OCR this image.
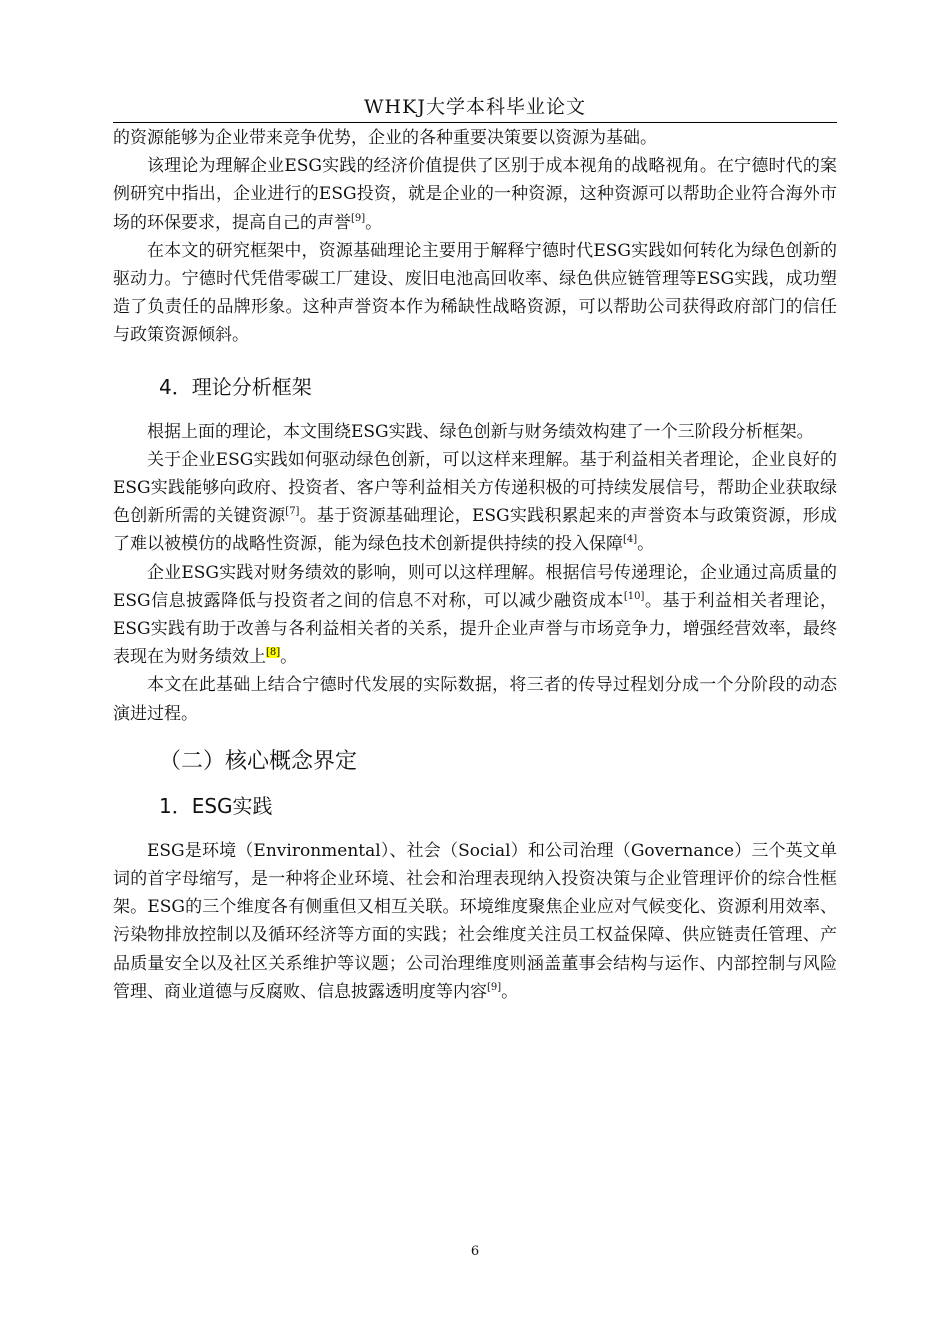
WHKJ大学本科毕业论文

的资源能够为企业带来竞争优势，企业的各种重要决策要以资源为基础。

该理论为理解企业ESG实践的经济价值提供了区别于成本视角的战略视角。在宁德时代的案例研究中指出，企业进行的ESG投资，就是企业的一种资源，这种资源可以帮助企业符合海外市场的环保要求，提高自己的声誉[9]。

在本文的研究框架中，资源基础理论主要用于解释宁德时代ESG实践如何转化为绿色创新的驱动力。宁德时代凭借零碳工厂建设、废旧电池高回收率、绿色供应链管理等ESG实践，成功塑造了负责任的品牌形象。这种声誉资本作为稀缺性战略资源，可以帮助公司获得政府部门的信任与政策资源倾斜。

4．理论分析框架

根据上面的理论，本文围绕ESG实践、绿色创新与财务绩效构建了一个三阶段分析框架。

关于企业ESG实践如何驱动绿色创新，可以这样来理解。基于利益相关者理论，企业良好的ESG实践能够向政府、投资者、客户等利益相关方传递积极的可持续发展信号，帮助企业获取绿色创新所需的关键资源[7]。基于资源基础理论，ESG实践积累起来的声誉资本与政策资源，形成了难以被模仿的战略性资源，能为绿色技术创新提供持续的投入保障[4]。

企业ESG实践对财务绩效的影响，则可以这样理解。根据信号传递理论，企业通过高质量的ESG信息披露降低与投资者之间的信息不对称，可以减少融资成本[10]。基于利益相关者理论，ESG实践有助于改善与各利益相关者的关系，提升企业声誉与市场竞争力，增强经营效率，最终表现在为财务绩效上[8]。

本文在此基础上结合宁德时代发展的实际数据，将三者的传导过程划分成一个分阶段的动态演进过程。

（二）核心概念界定
1．ESG实践

ESG是环境（Environmental）、社会（Social）和公司治理（Governance）三个英文单词的首字母缩写，是一种将企业环境、社会和治理表现纳入投资决策与企业管理评价的综合性框架。ESG的三个维度各有侧重但又相互关联。环境维度聚焦企业应对气候变化、资源利用效率、污染物排放控制以及循环经济等方面的实践；社会维度关注员工权益保障、供应链责任管理、产品质量安全以及社区关系维护等议题；公司治理维度则涵盖董事会结构与运作、内部控制与风险管理、商业道德与反腐败、信息披露透明度等内容[9]。

6
